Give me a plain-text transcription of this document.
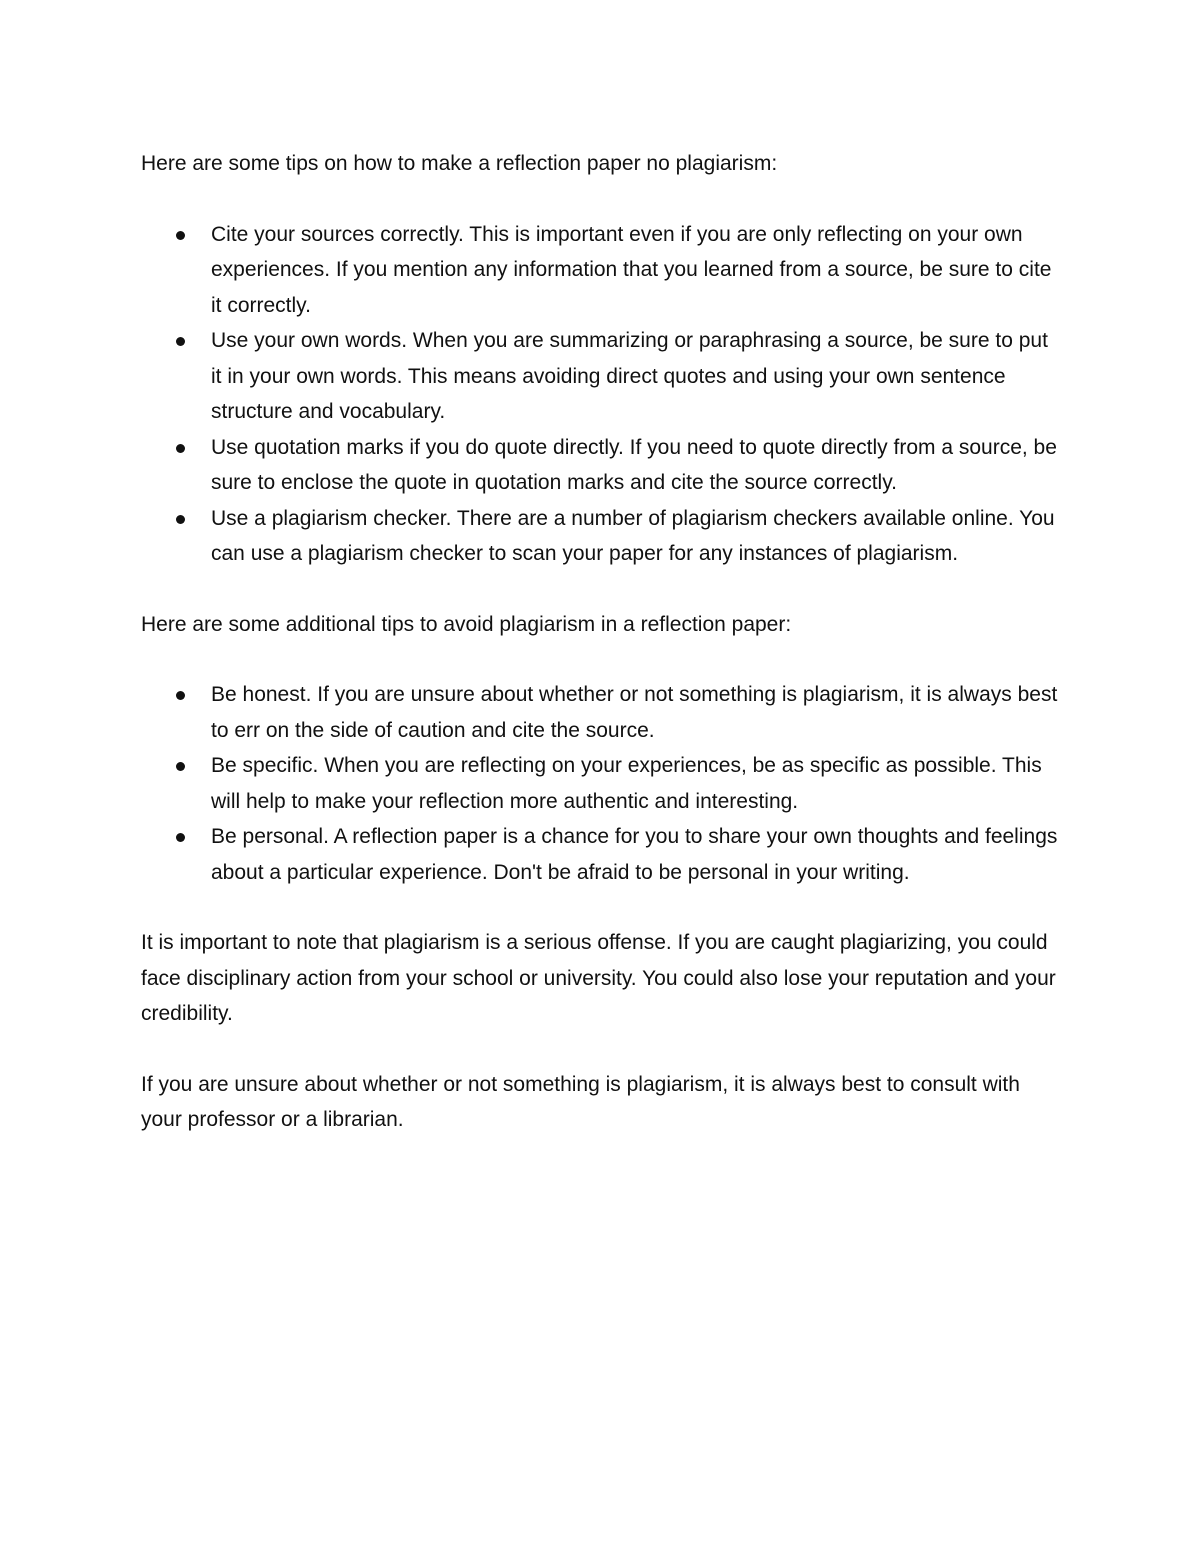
Here are some tips on how to make a reflection paper no plagiarism:

Cite your sources correctly. This is important even if you are only reflecting on your own experiences. If you mention any information that you learned from a source, be sure to cite it correctly.
Use your own words. When you are summarizing or paraphrasing a source, be sure to put it in your own words. This means avoiding direct quotes and using your own sentence structure and vocabulary.
Use quotation marks if you do quote directly. If you need to quote directly from a source, be sure to enclose the quote in quotation marks and cite the source correctly.
Use a plagiarism checker. There are a number of plagiarism checkers available online. You can use a plagiarism checker to scan your paper for any instances of plagiarism.

Here are some additional tips to avoid plagiarism in a reflection paper:

Be honest. If you are unsure about whether or not something is plagiarism, it is always best to err on the side of caution and cite the source.
Be specific. When you are reflecting on your experiences, be as specific as possible. This will help to make your reflection more authentic and interesting.
Be personal. A reflection paper is a chance for you to share your own thoughts and feelings about a particular experience. Don't be afraid to be personal in your writing.

It is important to note that plagiarism is a serious offense. If you are caught plagiarizing, you could face disciplinary action from your school or university. You could also lose your reputation and your credibility.

If you are unsure about whether or not something is plagiarism, it is always best to consult with your professor or a librarian.
